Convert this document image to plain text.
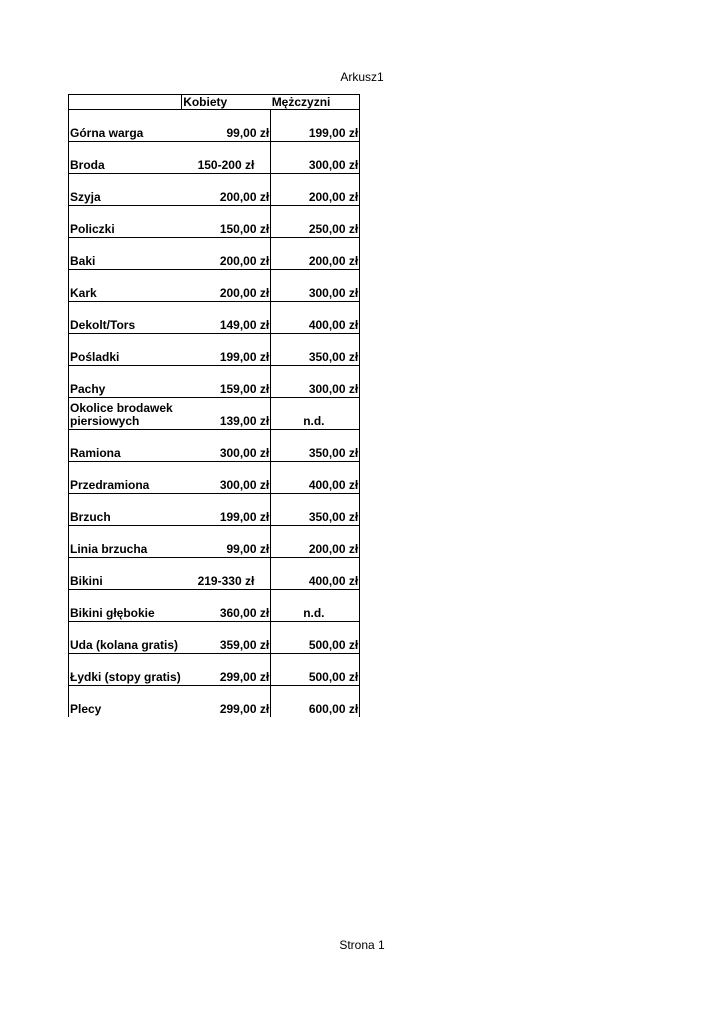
Arkusz1
	Kobiety	Mężczyzni
Górna warga	99,00 zł	199,00 zł
Broda	150-200 zł	300,00 zł
Szyja	200,00 zł	200,00 zł
Policzki	150,00 zł	250,00 zł
Baki	200,00 zł	200,00 zł
Kark	200,00 zł	300,00 zł
Dekolt/Tors	149,00 zł	400,00 zł
Pośladki	199,00 zł	350,00 zł
Pachy	159,00 zł	300,00 zł

Okolice brodawek
piersiowych	139,00 zł	n.d.
Ramiona	300,00 zł	350,00 zł
Przedramiona	300,00 zł	400,00 zł
Brzuch	199,00 zł	350,00 zł
Linia brzucha	99,00 zł	200,00 zł
Bikini	219-330 zł	400,00 zł
Bikini głębokie	360,00 zł	n.d.
Uda (kolana gratis)	359,00 zł	500,00 zł
Łydki (stopy gratis)	299,00 zł	500,00 zł
Plecy	299,00 zł	600,00 zł
Strona 1
